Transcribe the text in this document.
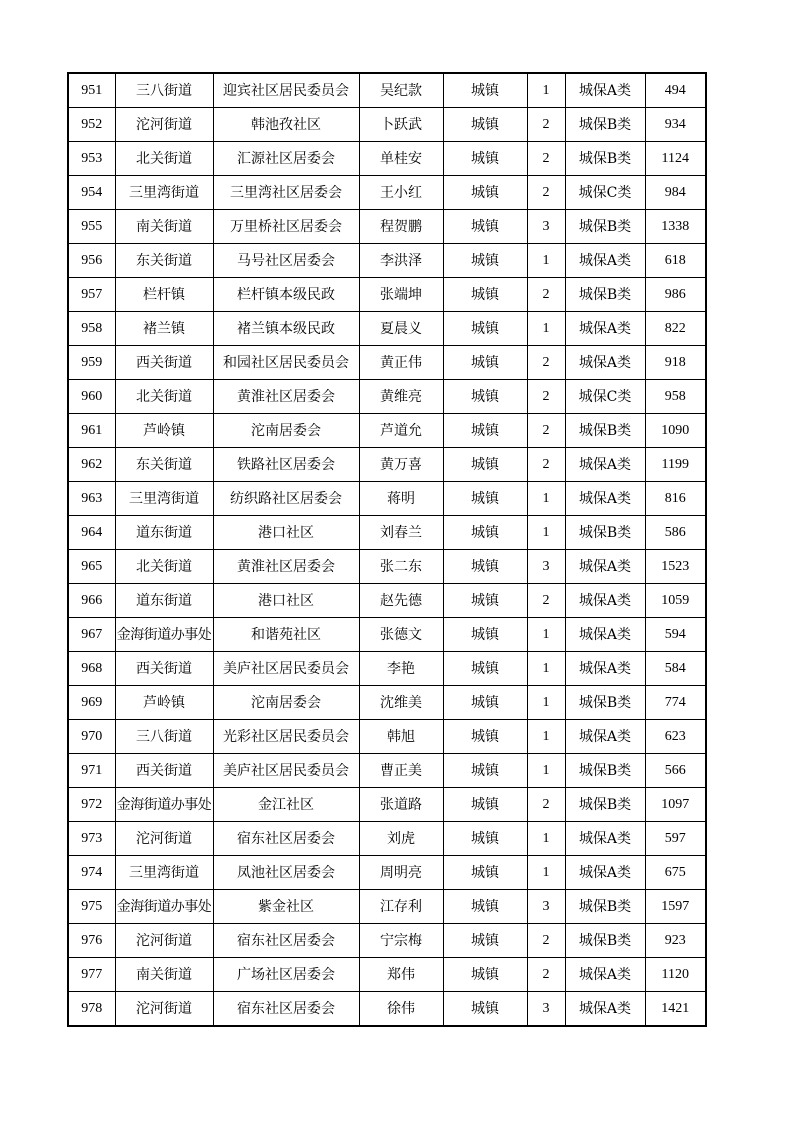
951	三八街道	迎宾社区居民委员会	吴纪款	城镇	1	城保A类	494
952	沱河街道	韩池孜社区	卜跃武	城镇	2	城保B类	934
953	北关街道	汇源社区居委会	单桂安	城镇	2	城保B类	1124
954	三里湾街道	三里湾社区居委会	王小红	城镇	2	城保C类	984
955	南关街道	万里桥社区居委会	程贺鹏	城镇	3	城保B类	1338
956	东关街道	马号社区居委会	李洪泽	城镇	1	城保A类	618
957	栏杆镇	栏杆镇本级民政	张端坤	城镇	2	城保B类	986
958	褚兰镇	褚兰镇本级民政	夏晨义	城镇	1	城保A类	822
959	西关街道	和园社区居民委员会	黄正伟	城镇	2	城保A类	918
960	北关街道	黄淮社区居委会	黄维亮	城镇	2	城保C类	958
961	芦岭镇	沱南居委会	芦道允	城镇	2	城保B类	1090
962	东关街道	铁路社区居委会	黄万喜	城镇	2	城保A类	1199
963	三里湾街道	纺织路社区居委会	蒋明	城镇	1	城保A类	816
964	道东街道	港口社区	刘春兰	城镇	1	城保B类	586
965	北关街道	黄淮社区居委会	张二东	城镇	3	城保A类	1523
966	道东街道	港口社区	赵先德	城镇	2	城保A类	1059
967	金海街道办事处	和谐苑社区	张德文	城镇	1	城保A类	594
968	西关街道	美庐社区居民委员会	李艳	城镇	1	城保A类	584
969	芦岭镇	沱南居委会	沈维美	城镇	1	城保B类	774
970	三八街道	光彩社区居民委员会	韩旭	城镇	1	城保A类	623
971	西关街道	美庐社区居民委员会	曹正美	城镇	1	城保B类	566
972	金海街道办事处	金江社区	张道路	城镇	2	城保B类	1097
973	沱河街道	宿东社区居委会	刘虎	城镇	1	城保A类	597
974	三里湾街道	凤池社区居委会	周明亮	城镇	1	城保A类	675
975	金海街道办事处	紫金社区	江存利	城镇	3	城保B类	1597
976	沱河街道	宿东社区居委会	宁宗梅	城镇	2	城保B类	923
977	南关街道	广场社区居委会	郑伟	城镇	2	城保A类	1120
978	沱河街道	宿东社区居委会	徐伟	城镇	3	城保A类	1421
